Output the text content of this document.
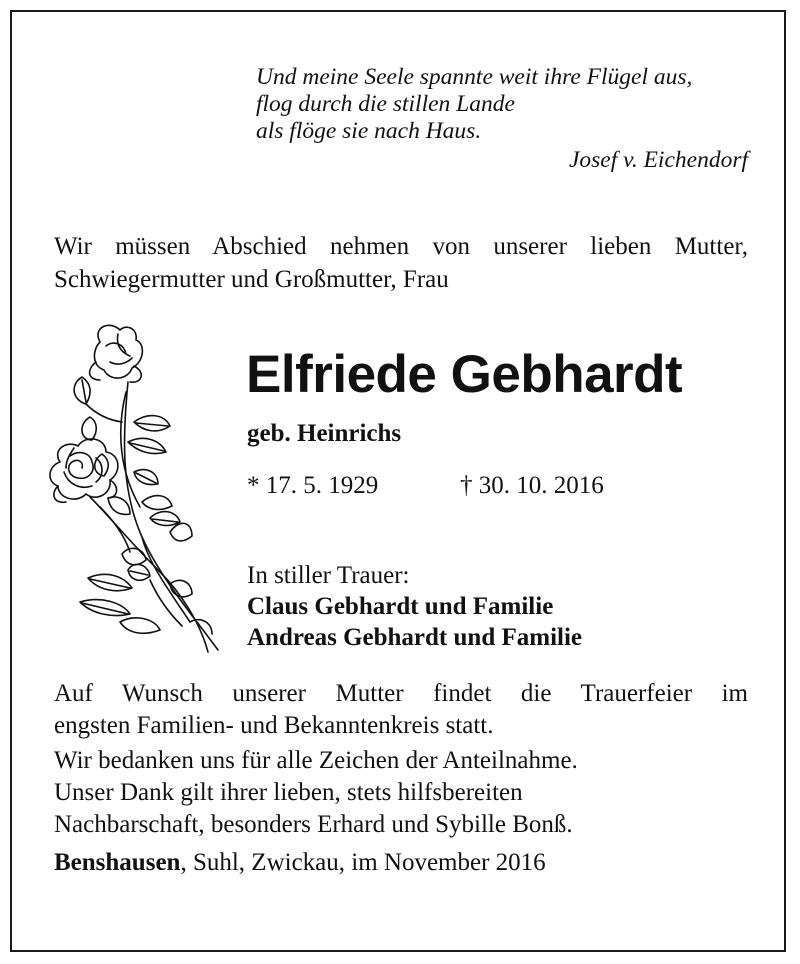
Und meine Seele spannte weit ihre Flügel aus,
flog durch die stillen Lande
als flöge sie nach Haus.
Josef v. Eichendorf
Wir müssen Abschied nehmen von unserer lieben Mutter,
Schwiegermutter und Großmutter, Frau
Elfriede Gebhardt
geb. Heinrichs
* 17. 5. 1929	† 30. 10. 2016
In stiller Trauer:
Claus Gebhardt und Familie
Andreas Gebhardt und Familie
Auf Wunsch unserer Mutter findet die Trauerfeier im
engsten Familien- und Bekanntenkreis statt.
Wir bedanken uns für alle Zeichen der Anteilnahme.
Unser Dank gilt ihrer lieben, stets hilfsbereiten
Nachbarschaft, besonders Erhard und Sybille Bonß.
Benshausen, Suhl, Zwickau, im November 2016
